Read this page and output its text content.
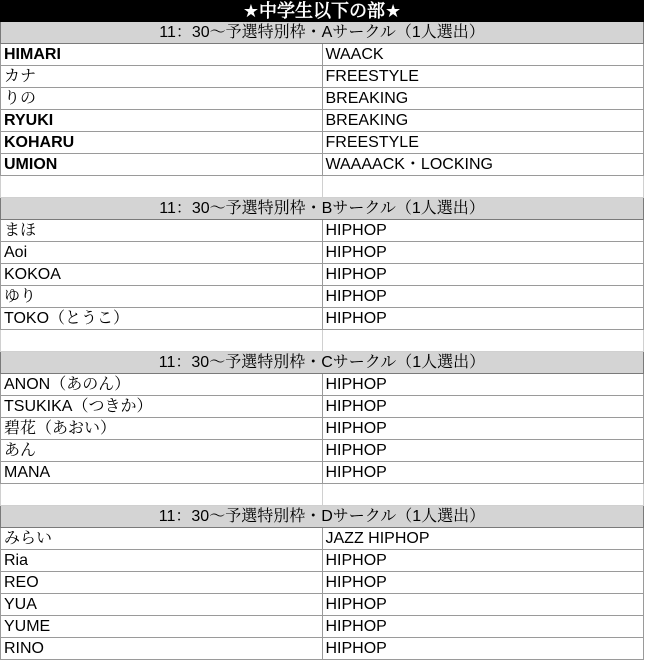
★中学生以下の部★	
11：30～予選特別枠・Aサークル（1人選出）	
HIMARI	WAACK
カナ	FREESTYLE
りの	BREAKING
RYUKI	BREAKING
KOHARU	FREESTYLE
UMION	WAAAACK・LOCKING

11：30～予選特別枠・Bサークル（1人選出）	
まほ	HIPHOP
Aoi	HIPHOP
KOKOA	HIPHOP
ゆり	HIPHOP
TOKO（とうこ）	HIPHOP

11：30～予選特別枠・Cサークル（1人選出）	
ANON（あのん）	HIPHOP
TSUKIKA（つきか）	HIPHOP
碧花（あおい）	HIPHOP
あん	HIPHOP
MANA	HIPHOP

11：30～予選特別枠・Dサークル（1人選出）	
みらい	JAZZ HIPHOP
Ria	HIPHOP
REO	HIPHOP
YUA	HIPHOP
YUME	HIPHOP
RINO	HIPHOP
